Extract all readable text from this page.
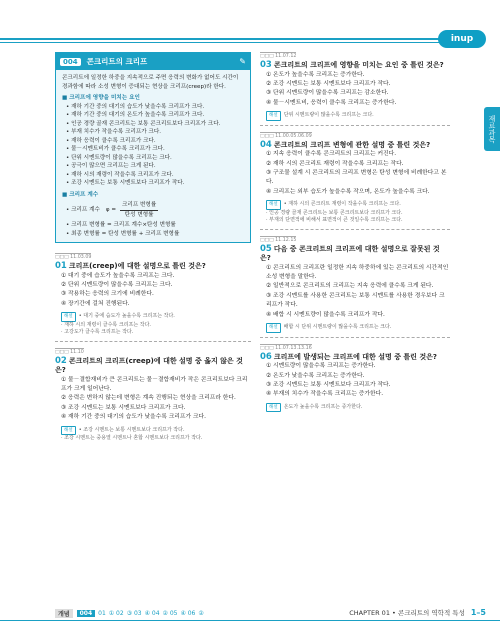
inup
재료과목
004	콘크리트의 크리프	✎
콘크리트에 일정한 하중을 지속적으로 주면 응력의 변화가 없어도 시간이 경과함에 따라 소성 변형이 증대되는 현상을 크리프(creep)라 한다.
■ 크리프에 영향을 미치는 요인
• 재하 기간 중의 대기의 습도가 낮을수록 크리프가 크다.
• 재하 기간 중의 대기의 온도가 높을수록 크리프가 크다.
• 인공 경량 골재 콘크리트는 보통 콘크리트보다 크리프가 크다.
• 부재 치수가 작을수록 크리프가 크다.
• 재하 응력이 클수록 크리프가 크다.
• 물－시멘트비가 클수록 크리프가 크다.
• 단위 시멘트량이 많을수록 크리프는 크다.
• 공극이 많으면 크리프는 크게 된다.
• 재하 시의 재령이 작을수록 크리프가 크다.
• 조강 시멘트는 보통 시멘트보다 크리프가 작다.
■ 크리프 계수
• 크리프 계수 $\varphi = \frac{\text{크리프 변형률}}{\text{탄성 변형률}}$
• 크리프 변형률 = 크리프 계수×탄성 변형률
• 최종 변형률 = 탄성 변형률 + 크리프 변형률
□□□ 11.03.09
01 크리프(creep)에 대한 설명으로 틀린 것은?
① 대기 중에 습도가 높을수록 크리프는 크다.
② 단위 시멘트량이 많을수록 크리프는 크다.
③ 작용하는 응력의 크기에 비례한다.
④ 장기간에 걸쳐 진행된다.
해설 • 대기 중에 습도가 높을수록 크리프는 작다.
· 재하 시의 재령이 클수록 크리프는 작다.
· 고강도가 클수록 크리프는 작다.
□□□ 11.10
02 콘크리트의 크리프(creep)에 대한 설명 중 옳지 않은 것은?
① 물－결합재비가 큰 콘크리트는 물－결합재비가 작은 콘크리트보다 크리프가 크게 일어난다.
② 응력은 변하지 않는데 변형은 계속 진행되는 현상을 크리프라 한다.
③ 조강 시멘트는 보통 시멘트보다 크리프가 크다.
④ 재하 기간 중의 대기의 습도가 낮을수록 크리프가 크다.
해설 • 조강 시멘트는 보통 시멘트보다 크리프가 작다.
· 조강 시멘트는 중용열 시멘트나 혼합 시멘트보다 크리프가 작다.
□□□ 11.07.12
03 콘크리트의 크리프에 영향을 미치는 요인 중 틀린 것은?
① 온도가 높을수록 크리프는 증가한다.
② 조강 시멘트는 보통 시멘트보다 크리프가 작다.
③ 단위 시멘트량이 많을수록 크리프는 감소한다.
④ 물－시멘트비, 응력이 클수록 크리프는 증가한다.
해설 단위 시멘트량이 많을수록 크리프는 크다.
□□□ 11.00.05.06.09
04 콘크리트의 크리프 변형에 관한 설명 중 틀린 것은?
① 지속 응력이 클수록 콘크리트의 크리프는 커진다.
② 재하 시의 콘크리트 재령이 작을수록 크리프는 작다.
③ 구조물 설계 시 콘크리트의 크리프 변형은 탄성 변형에 비례한다고 본다.
④ 크리프는 외부 습도가 높을수록 작으며, 온도가 높을수록 크다.
해설 • 재하 시의 콘크리트 재령이 작을수록 크리프는 크다.
· 인공 경량 골재 콘크리트는 보통 콘크리트보다 크리프가 크다.
· 부재의 단면적에 비해서 표면적이 큰 것일수록 크리프는 크다.
□□□ 11.12.15
05 다음 중 콘크리트의 크리프에 대한 설명으로 잘못된 것은?
① 콘크리트의 크리프란 일정한 지속 하중하에 있는 콘크리트의 시간적인 소성 변형을 말한다.
② 일반적으로 콘크리트의 크리프는 지속 응력에 클수록 크게 된다.
③ 조강 시멘트를 사용한 콘크리트는 보통 시멘트를 사용한 경우보다 크리프가 작다.
④ 배합 시 시멘트량이 많을수록 크리프가 작다.
해설 배합 시 단위 시멘트량이 많을수록 크리프는 크다.
□□□ 11.07.13.13.16
06 크리프에 발생되는 크리프에 대한 설명 중 틀린 것은?
① 시멘트량이 많을수록 크리프는 증가한다.
② 온도가 낮을수록 크리프는 증가한다.
③ 조강 시멘트는 보통 시멘트보다 크리프가 작다.
④ 부재의 치수가 작을수록 크리프는 증가한다.
해설 온도가 높을수록 크리프는 증가한다.
개념	004	01 ① 02 ③ 03 ④ 04 ② 05 ④ 06 ②	CHAPTER 01 • 콘크리트의 역학적 특성 1–5
